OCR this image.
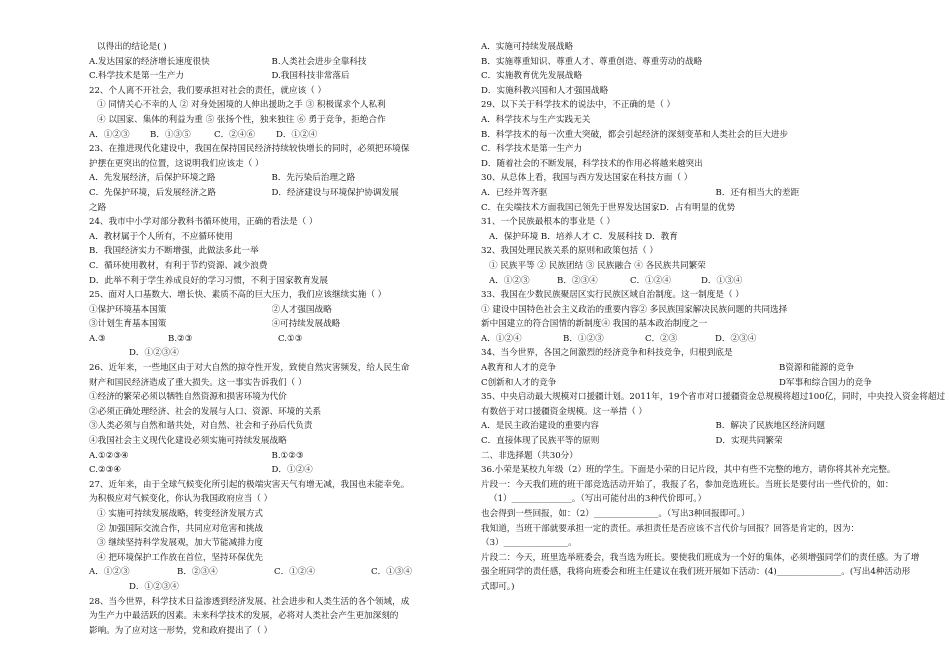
以得出的结论是( )
A.发达国家的经济增长速度很快	B.人类社会进步全靠科技
C.科学技术是第一生产力	D.我国科技非常落后
22、个人离不开社会，我们要承担对社会的责任，就应该（ ）
① 同情关心不幸的人 ② 对身处困境的人伸出援助之手 ③ 积极谋求个人私利
④ 以国家、集体的利益为重 ⑤ 张扬个性，独来独往 ⑥ 勇于竞争，拒绝合作
A．①②③	B．①③⑤	C．②④⑥	D．①②④
23、在推进现代化建设中，我国在保持国民经济持续较快增长的同时，必须把环境保
护摆在更突出的位置，这说明我们应该走（ ）
A．先发展经济，后保护环境之路	B．先污染后治理之路
C．先保护环境，后发展经济之路	D．经济建设与环境保护协调发展
之路
24、我市中小学对部分教科书循环使用，正确的看法是（ ）
A．教材属于个人所有，不应循环使用
B．我国经济实力不断增强，此做法多此一举
C．循环使用教材，有利于节约资源、减少浪费
D．此举不利于学生养成良好的学习习惯，不利于国家教育发展
25、面对人口基数大、增长快、素质不高的巨大压力，我们应该继续实施（ ）
①保护环境基本国策	②人才强国战略
③计划生育基本国策	④可持续发展战略
A.③	B.②③	C.①③
D．①②③④
26、近年来，一些地区由于对大自然的掠夺性开发，致使自然灾害频发，给人民生命
财产和国民经济造成了重大损失。这一事实告诉我们（ ）
①经济的繁荣必须以牺牲自然资源和损害环境为代价
②必须正确处理经济、社会的发展与人口、资源、环境的关系
③人类必须与自然和谐共处，对自然、社会和子孙后代负责
④我国社会主义现代化建设必须实施可持续发展战略
A.①②③④	B.①②③
C.②③④	D．①②④
27、近年来，由于全球气候变化所引起的极端灾害天气有增无减，我国也未能幸免。
为积极应对气候变化，你认为我国政府应当（ ）
① 实施可持续发展战略，转变经济发展方式
② 加强国际交流合作，共同应对危害和挑战
③ 继续坚持科学发展观，加大节能减排力度
④ 把环境保护工作放在首位，坚持环保优先
A．①②③	B．②③④	C．①②④	C．①③④
D．①②③④
28、当今世界，科学技术日益渗透到经济发展、社会进步和人类生活的各个领域，成
为生产力中最活跃的因素。未来科学技术的发展，必将对人类社会产生更加深刻的
影响。为了应对这一形势，党和政府提出了（ ）
A．实施可持续发展战略
B．实施尊重知识、尊重人才、尊重创造、尊重劳动的战略
C．实施教育优先发展战略
D．实施科教兴国和人才强国战略
29、以下关于科学技术的说法中，不正确的是（ ）
A．科学技术与生产实践无关
B．科学技术的每一次重大突破，都会引起经济的深刻变革和人类社会的巨大进步
C．科学技术是第一生产力
D．随着社会的不断发展，科学技术的作用必将越来越突出
30、从总体上看，我国与西方发达国家在科技方面（ ）
A．已经并驾齐驱	B．还有相当大的差距
C．在尖端技术方面我国已领先于世界发达国家D．占有明显的优势
31、一个民族最根本的事业是（ ）
A．保护环境 B．培养人才 C．发展科技 D．教育
32、我国处理民族关系的原则和政策包括（ ）
① 民族平等 ② 民族团结 ③ 民族融合 ④ 各民族共同繁荣
A．①②③	B．②③④	C．①②④	D．①③④
33、我国在少数民族聚居区实行民族区域自治制度。这一制度是（ ）
① 建设中国特色社会主义政治的重要内容② 多民族国家解决民族问题的共同选择
新中国建立的符合国情的新制度④ 我国的基本政治制度之一
A．①②④	B．①②③	C．②③	D．②③④
34、当今世界，各国之间激烈的经济竞争和科技竞争，归根到底是
A教育和人才的竞争	B资源和能源的竞争
C创新和人才的竞争	D军事和综合国力的竞争
35、中央启动最大规模对口援疆计划。2011年，19个省市对口援疆资金总规模将超过100亿，同时，中央投入资金将超过
有数倍于对口援疆资金规模。这一举措（ ）
A．是民主政治建设的重要内容	B．解决了民族地区经济问题
C．直接体现了民族平等的原则	D．实现共同繁荣
二、非选择题（共30分）
36.小荣是某校九年级（2）班的学生。下面是小荣的日记片段，其中有些不完整的地方，请你将其补充完整。
片段一：今天我们班的班干部竞选活动开始了，我报了名，参加竞选班长。当班长是要付出一些代价的，如：
（1）______________。（写出可能付出的3种代价即可。）
也会得到一些回报，如：（2）_______________。（写出3种回报即可。）
我知道，当班干部就要承担一定的责任。承担责任是否应该不言代价与回报？回答是肯定的，因为：
（3）_______________。
片段二：今天，班里选举班委会，我当选为班长。要使我们班成为一个好的集体，必须增强同学们的责任感。为了增
强全班同学的责任感，我将向班委会和班主任建议在我们班开展如下活动：(4)_______________。(写出4种活动形
式即可。)
